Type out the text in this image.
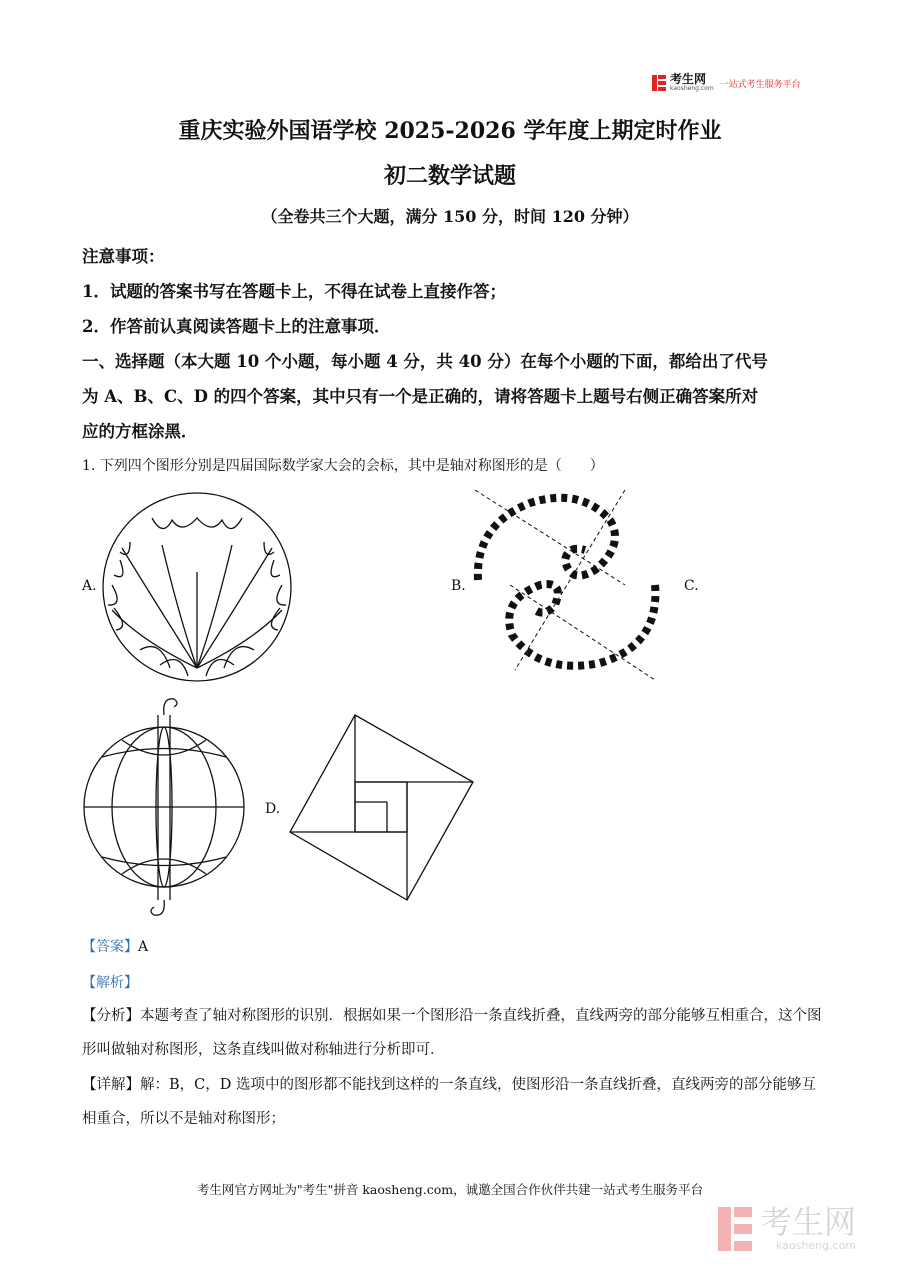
考生网
kaosheng.com 一站式考生服务平台
重庆实验外国语学校 2025-2026 学年度上期定时作业
初二数学试题
（全卷共三个大题，满分 150 分，时间 120 分钟）
注意事项：
1．试题的答案书写在答题卡上，不得在试卷上直接作答；
2．作答前认真阅读答题卡上的注意事项．
一、选择题（本大题 10 个小题，每小题 4 分，共 40 分）在每个小题的下面，都给出了代号
为 A、B、C、D 的四个答案，其中只有一个是正确的，请将答题卡上题号右侧正确答案所对
应的方框涂黑．
1. 下列四个图形分别是四届国际数学家大会的会标，其中是轴对称图形的是（　　）
A.	B.	C.
D.
【答案】A
【解析】
【分析】本题考查了轴对称图形的识别．根据如果一个图形沿一条直线折叠，直线两旁的部分能够互相重合，这个图形叫做轴对称图形，这条直线叫做对称轴进行分析即可．
【详解】解：B，C，D 选项中的图形都不能找到这样的一条直线，使图形沿一条直线折叠，直线两旁的部分能够互相重合，所以不是轴对称图形；
考生网官方网址为"考生"拼音 kaosheng.com，诚邀全国合作伙伴共建一站式考生服务平台
考生网
kaosheng.com
